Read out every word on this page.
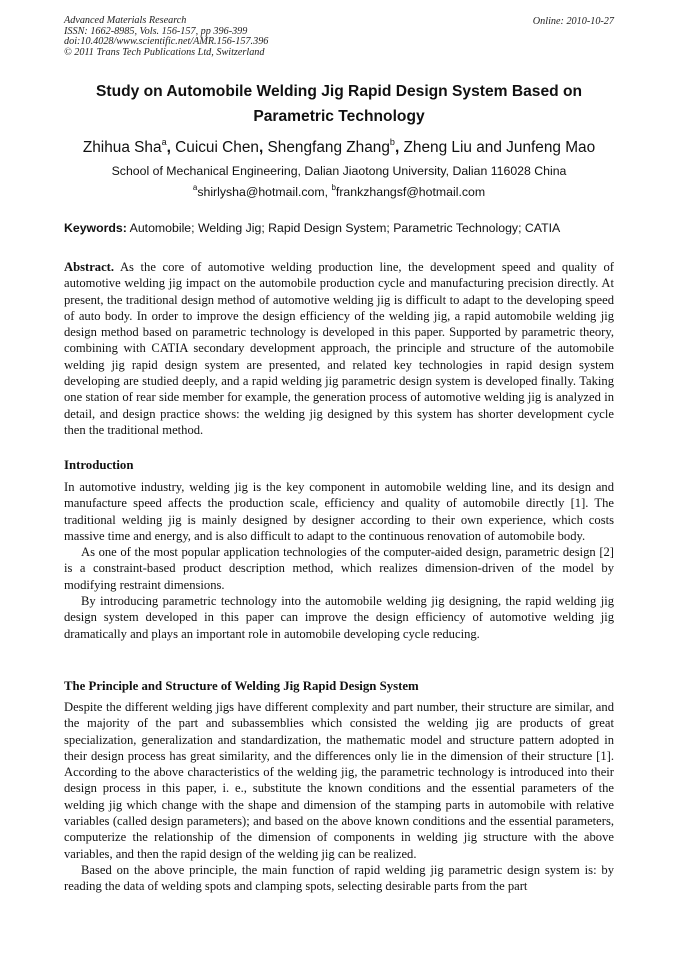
Advanced Materials Research
ISSN: 1662-8985, Vols. 156-157, pp 396-399
doi:10.4028/www.scientific.net/AMR.156-157.396
© 2011 Trans Tech Publications Ltd, Switzerland
Online: 2010-10-27
Study on Automobile Welding Jig Rapid Design System Based on Parametric Technology
Zhihua Sha$^a$, Cuicui Chen, Shengfang Zhang$^b$, Zheng Liu and Junfeng Mao
School of Mechanical Engineering, Dalian Jiaotong University, Dalian 116028 China
$^a$shirlysha@hotmail.com, $^b$frankzhangsf@hotmail.com
Keywords: Automobile; Welding Jig; Rapid Design System; Parametric Technology; CATIA
Abstract. As the core of automotive welding production line, the development speed and quality of automotive welding jig impact on the automobile production cycle and manufacturing precision directly. At present, the traditional design method of automotive welding jig is difficult to adapt to the developing speed of auto body. In order to improve the design efficiency of the welding jig, a rapid automobile welding jig design method based on parametric technology is developed in this paper. Supported by parametric theory, combining with CATIA secondary development approach, the principle and structure of the automobile welding jig rapid design system are presented, and related key technologies in rapid design system developing are studied deeply, and a rapid welding jig parametric design system is developed finally. Taking one station of rear side member for example, the generation process of automotive welding jig is analyzed in detail, and design practice shows: the welding jig designed by this system has shorter development cycle then the traditional method.
Introduction

In automotive industry, welding jig is the key component in automobile welding line, and its design and manufacture speed affects the production scale, efficiency and quality of automobile directly [1]. The traditional welding jig is mainly designed by designer according to their own experience, which costs massive time and energy, and is also difficult to adapt to the continuous renovation of automobile body.

As one of the most popular application technologies of the computer-aided design, parametric design [2] is a constraint-based product description method, which realizes dimension-driven of the model by modifying restraint dimensions.

By introducing parametric technology into the automobile welding jig designing, the rapid welding jig design system developed in this paper can improve the design efficiency of automotive welding jig dramatically and plays an important role in automobile developing cycle reducing.

The Principle and Structure of Welding Jig Rapid Design System

Despite the different welding jigs have different complexity and part number, their structure are similar, and the majority of the part and subassemblies which consisted the welding jig are products of great specialization, generalization and standardization, the mathematic model and structure pattern adopted in their design process has great similarity, and the differences only lie in the dimension of their structure [1]. According to the above characteristics of the welding jig, the parametric technology is introduced into their design process in this paper, i. e., substitute the known conditions and the essential parameters of the welding jig which change with the shape and dimension of the stamping parts in automobile with relative variables (called design parameters); and based on the above known conditions and the essential parameters, computerize the relationship of the dimension of components in welding jig structure with the above variables, and then the rapid design of the welding jig can be realized.

Based on the above principle, the main function of rapid welding jig parametric design system is: by reading the data of welding spots and clamping spots, selecting desirable parts from the part
